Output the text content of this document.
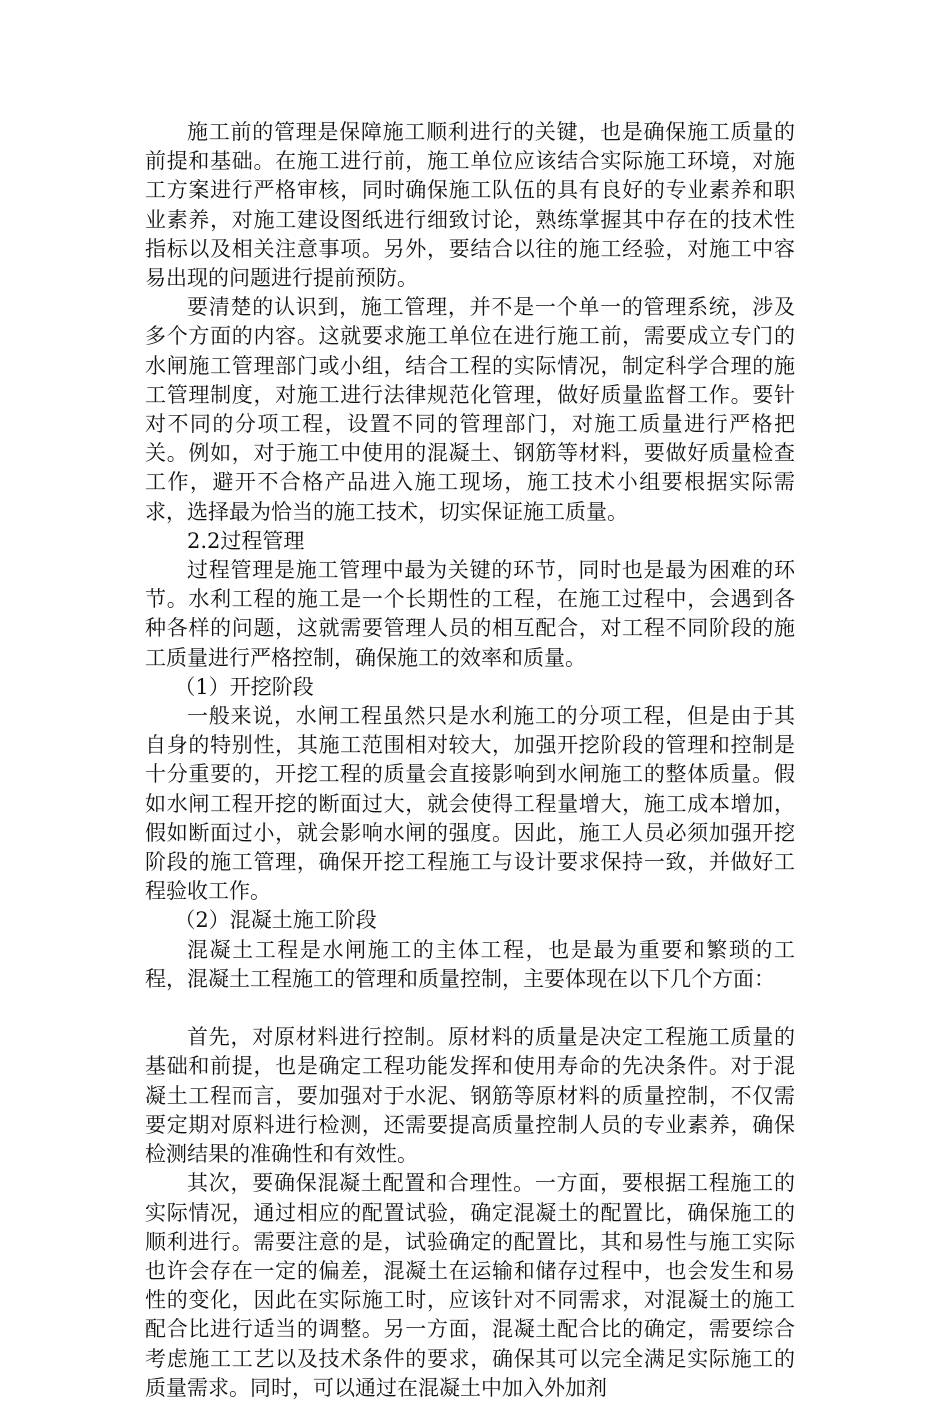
施工前的管理是保障施工顺利进行的关键，也是确保施工质量的前提和基础。在施工进行前，施工单位应该结合实际施工环境，对施工方案进行严格审核，同时确保施工队伍的具有良好的专业素养和职业素养，对施工建设图纸进行细致讨论，熟练掌握其中存在的技术性指标以及相关注意事项。另外，要结合以往的施工经验，对施工中容易出现的问题进行提前预防。

要清楚的认识到，施工管理，并不是一个单一的管理系统，涉及多个方面的内容。这就要求施工单位在进行施工前，需要成立专门的水闸施工管理部门或小组，结合工程的实际情况，制定科学合理的施工管理制度，对施工进行法律规范化管理，做好质量监督工作。要针对不同的分项工程，设置不同的管理部门，对施工质量进行严格把关。例如，对于施工中使用的混凝土、钢筋等材料，要做好质量检查工作，避开不合格产品进入施工现场，施工技术小组要根据实际需求，选择最为恰当的施工技术，切实保证施工质量。

2.2过程管理

过程管理是施工管理中最为关键的环节，同时也是最为困难的环节。水利工程的施工是一个长期性的工程，在施工过程中，会遇到各种各样的问题，这就需要管理人员的相互配合，对工程不同阶段的施工质量进行严格控制，确保施工的效率和质量。

（1）开挖阶段

一般来说，水闸工程虽然只是水利施工的分项工程，但是由于其自身的特别性，其施工范围相对较大，加强开挖阶段的管理和控制是十分重要的，开挖工程的质量会直接影响到水闸施工的整体质量。假如水闸工程开挖的断面过大，就会使得工程量增大，施工成本增加，假如断面过小，就会影响水闸的强度。因此，施工人员必须加强开挖阶段的施工管理，确保开挖工程施工与设计要求保持一致，并做好工程验收工作。

（2）混凝土施工阶段

混凝土工程是水闸施工的主体工程，也是最为重要和繁琐的工程，混凝土工程施工的管理和质量控制，主要体现在以下几个方面：

首先，对原材料进行控制。原材料的质量是决定工程施工质量的基础和前提，也是确定工程功能发挥和使用寿命的先决条件。对于混凝土工程而言，要加强对于水泥、钢筋等原材料的质量控制，不仅需要定期对原料进行检测，还需要提高质量控制人员的专业素养，确保检测结果的准确性和有效性。

其次，要确保混凝土配置和合理性。一方面，要根据工程施工的实际情况，通过相应的配置试验，确定混凝土的配置比，确保施工的顺利进行。需要注意的是，试验确定的配置比，其和易性与施工实际也许会存在一定的偏差，混凝土在运输和储存过程中，也会发生和易性的变化，因此在实际施工时，应该针对不同需求，对混凝土的施工配合比进行适当的调整。另一方面，混凝土配合比的确定，需要综合考虑施工工艺以及技术条件的要求，确保其可以完全满足实际施工的质量需求。同时，可以通过在混凝土中加入外加剂
